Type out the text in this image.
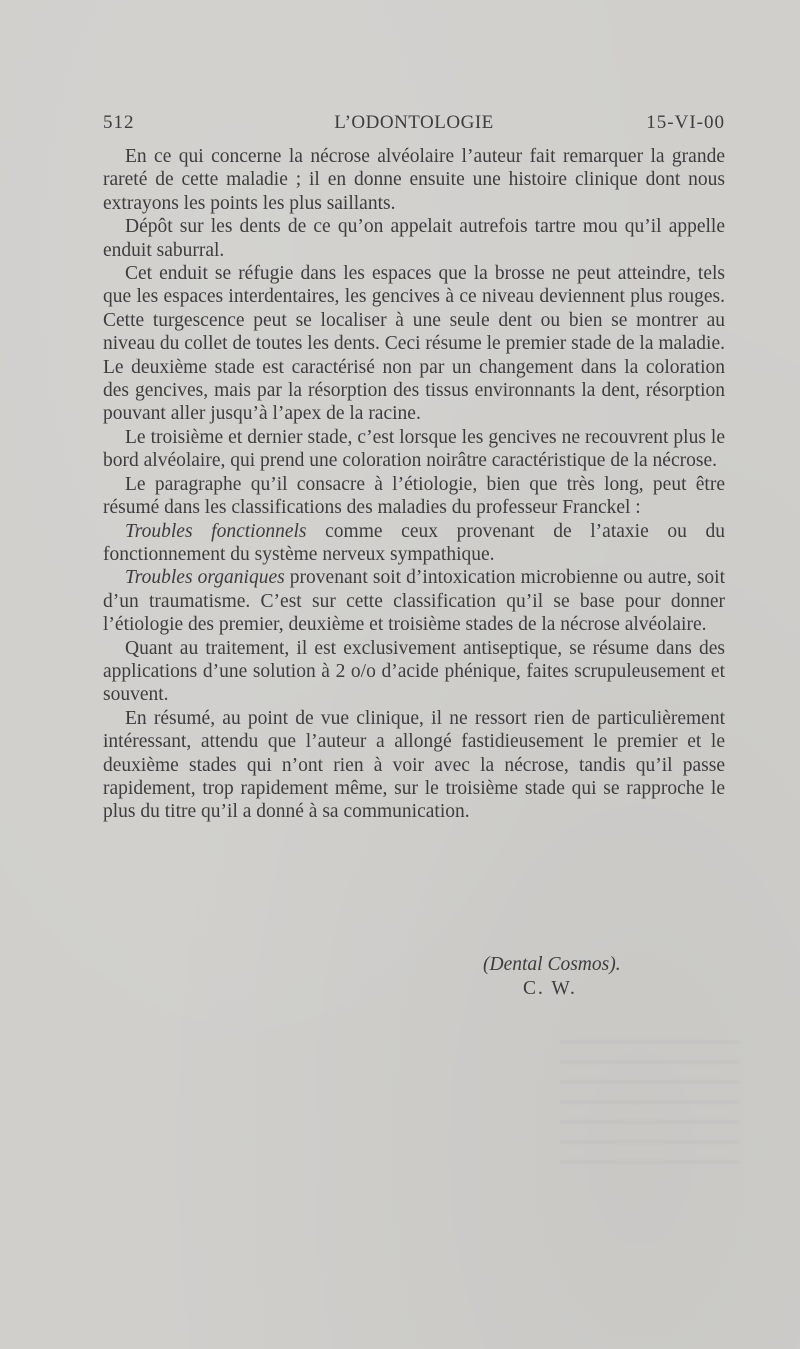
512	L’ODONTOLOGIE	15-VI-00

En ce qui concerne la nécrose alvéolaire l’auteur fait remarquer la grande rareté de cette maladie ; il en donne ensuite une histoire clinique dont nous extrayons les points les plus saillants.

Dépôt sur les dents de ce qu’on appelait autrefois tartre mou qu’il appelle enduit saburral.

Cet enduit se réfugie dans les espaces que la brosse ne peut atteindre, tels que les espaces interdentaires, les gencives à ce niveau deviennent plus rouges. Cette turgescence peut se localiser à une seule dent ou bien se montrer au niveau du collet de toutes les dents. Ceci résume le premier stade de la maladie. Le deuxième stade est caractérisé non par un changement dans la coloration des gencives, mais par la résorption des tissus environnants la dent, résorption pouvant aller jusqu’à l’apex de la racine.

Le troisième et dernier stade, c’est lorsque les gencives ne recouvrent plus le bord alvéolaire, qui prend une coloration noirâtre caractéristique de la nécrose.

Le paragraphe qu’il consacre à l’étiologie, bien que très long, peut être résumé dans les classifications des maladies du professeur Franckel :

Troubles fonctionnels comme ceux provenant de l’ataxie ou du fonctionnement du système nerveux sympathique.

Troubles organiques provenant soit d’intoxication microbienne ou autre, soit d’un traumatisme. C’est sur cette classification qu’il se base pour donner l’étiologie des premier, deuxième et troisième stades de la nécrose alvéolaire.

Quant au traitement, il est exclusivement antiseptique, se résume dans des applications d’une solution à 2 o/o d’acide phénique, faites scrupuleusement et souvent.

En résumé, au point de vue clinique, il ne ressort rien de particulièrement intéressant, attendu que l’auteur a allongé fastidieusement le premier et le deuxième stades qui n’ont rien à voir avec la nécrose, tandis qu’il passe rapidement, trop rapidement même, sur le troisième stade qui se rapproche le plus du titre qu’il a donné à sa communication.

(Dental Cosmos).
C. W.
